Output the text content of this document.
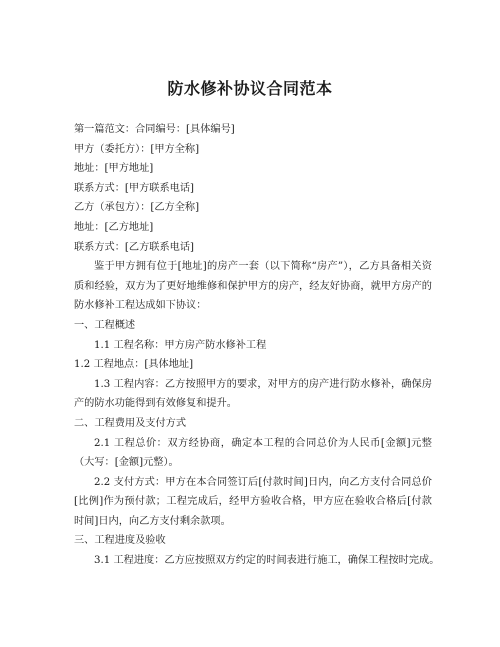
防水修补协议合同范本
第一篇范文：合同编号：[具体编号]
甲方（委托方）：[甲方全称]
地址：[甲方地址]
联系方式：[甲方联系电话]
乙方（承包方）：[乙方全称]
地址：[乙方地址]
联系方式：[乙方联系电话]
鉴于甲方拥有位于[地址]的房产一套（以下简称“房产”），乙方具备相关资质和经验，双方为了更好地维修和保护甲方的房产，经友好协商，就甲方房产的防水修补工程达成如下协议：
一、工程概述
1.1 工程名称：甲方房产防水修补工程
1.2 工程地点：[具体地址]
1.3 工程内容：乙方按照甲方的要求，对甲方的房产进行防水修补，确保房产的防水功能得到有效修复和提升。
二、工程费用及支付方式
2.1 工程总价：双方经协商，确定本工程的合同总价为人民币[金额]元整（大写：[金额]元整）。
2.2 支付方式：甲方在本合同签订后[付款时间]日内，向乙方支付合同总价[比例]作为预付款；工程完成后，经甲方验收合格，甲方应在验收合格后[付款时间]日内，向乙方支付剩余款项。
三、工程进度及验收
3.1 工程进度：乙方应按照双方约定的时间表进行施工，确保工程按时完成。
